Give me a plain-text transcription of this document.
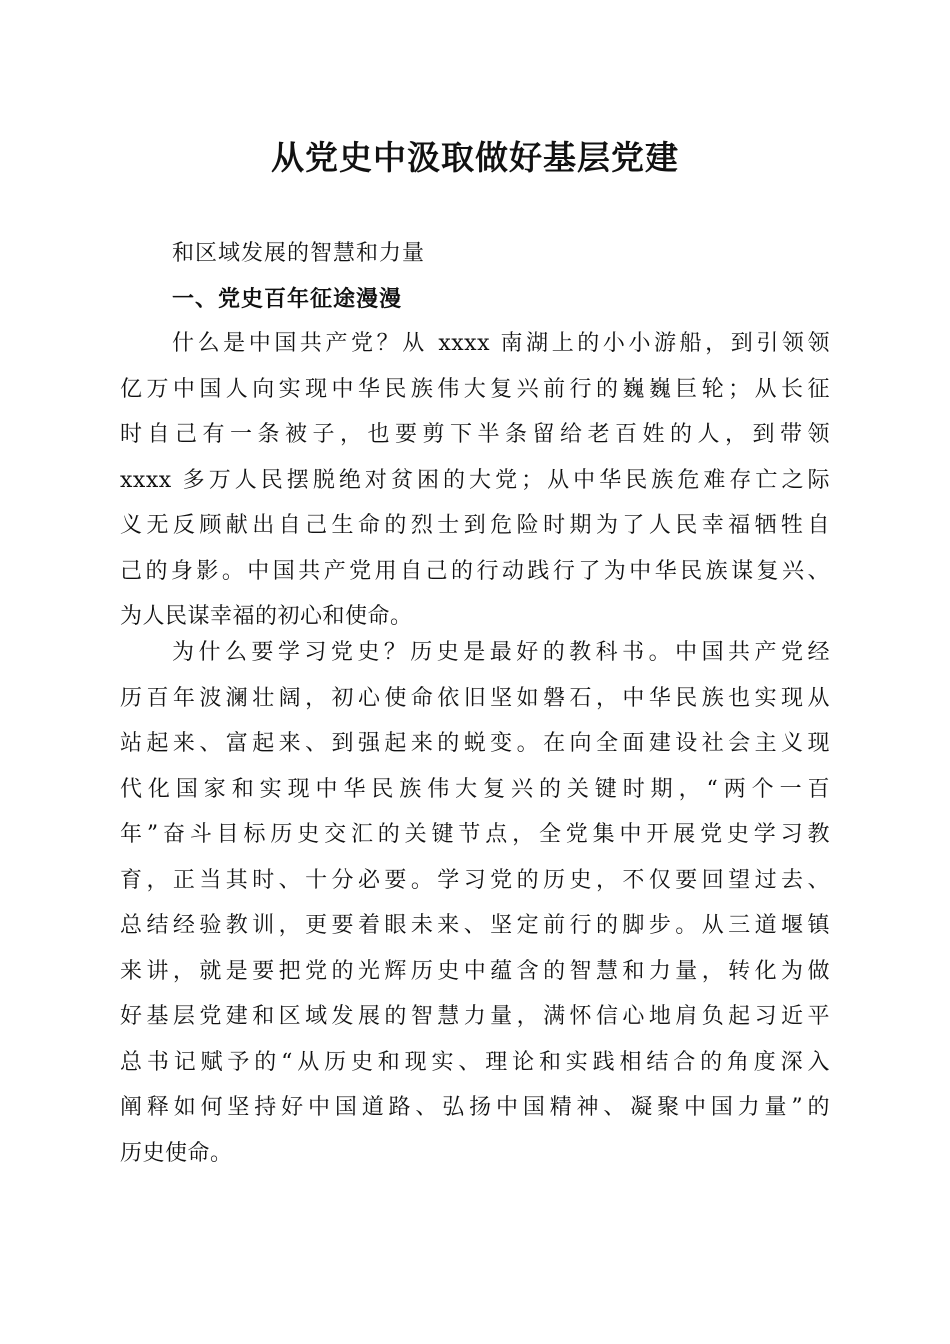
从党史中汲取做好基层党建
和区域发展的智慧和力量
一、党史百年征途漫漫
什么是中国共产党？从 xxxx 南湖上的小小游船，到引领领
亿万中国人向实现中华民族伟大复兴前行的巍巍巨轮；从长征
时自己有一条被子，也要剪下半条留给老百姓的人，到带领
xxxx 多万人民摆脱绝对贫困的大党；从中华民族危难存亡之际
义无反顾献出自己生命的烈士到危险时期为了人民幸福牺牲自
己的身影。中国共产党用自己的行动践行了为中华民族谋复兴、
为人民谋幸福的初心和使命。
为什么要学习党史？历史是最好的教科书。中国共产党经
历百年波澜壮阔，初心使命依旧坚如磐石，中华民族也实现从
站起来、富起来、到强起来的蜕变。在向全面建设社会主义现
代化国家和实现中华民族伟大复兴的关键时期，“两个一百
年”奋斗目标历史交汇的关键节点，全党集中开展党史学习教
育，正当其时、十分必要。学习党的历史，不仅要回望过去、
总结经验教训，更要着眼未来、坚定前行的脚步。从三道堰镇
来讲，就是要把党的光辉历史中蕴含的智慧和力量，转化为做
好基层党建和区域发展的智慧力量，满怀信心地肩负起习近平
总书记赋予的“从历史和现实、理论和实践相结合的角度深入
阐释如何坚持好中国道路、弘扬中国精神、凝聚中国力量”的
历史使命。
